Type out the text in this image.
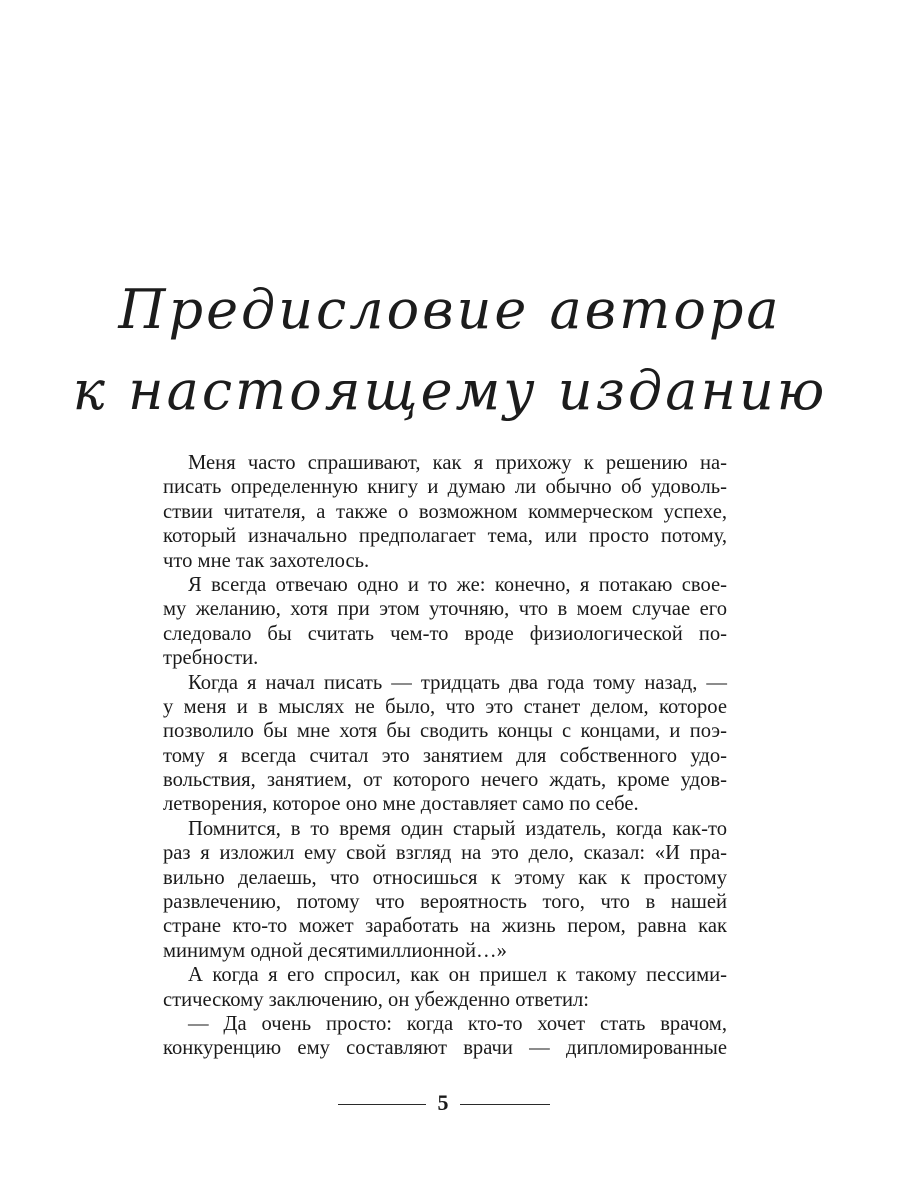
Предисловие автора
к настоящему изданию
Меня часто спрашивают, как я прихожу к решению на-
писать определенную книгу и думаю ли обычно об удоволь-
ствии читателя, а также о возможном коммерческом успехе,
который изначально предполагает тема, или просто потому,
что мне так захотелось.
Я всегда отвечаю одно и то же: конечно, я потакаю свое-
му желанию, хотя при этом уточняю, что в моем случае его
следовало бы считать чем-то вроде физиологической по-
требности.
Когда я начал писать — тридцать два года тому назад, —
у меня и в мыслях не было, что это станет делом, которое
позволило бы мне хотя бы сводить концы с концами, и поэ-
тому я всегда считал это занятием для собственного удо-
вольствия, занятием, от которого нечего ждать, кроме удов-
летворения, которое оно мне доставляет само по себе.
Помнится, в то время один старый издатель, когда как-то
раз я изложил ему свой взгляд на это дело, сказал: «И пра-
вильно делаешь, что относишься к этому как к простому
развлечению, потому что вероятность того, что в нашей
стране кто-то может заработать на жизнь пером, равна как
минимум одной десятимиллионной…»
А когда я его спросил, как он пришел к такому пессими-
стическому заключению, он убежденно ответил:
— Да очень просто: когда кто-то хочет стать врачом,
конкуренцию ему составляют врачи — дипломированные
5
